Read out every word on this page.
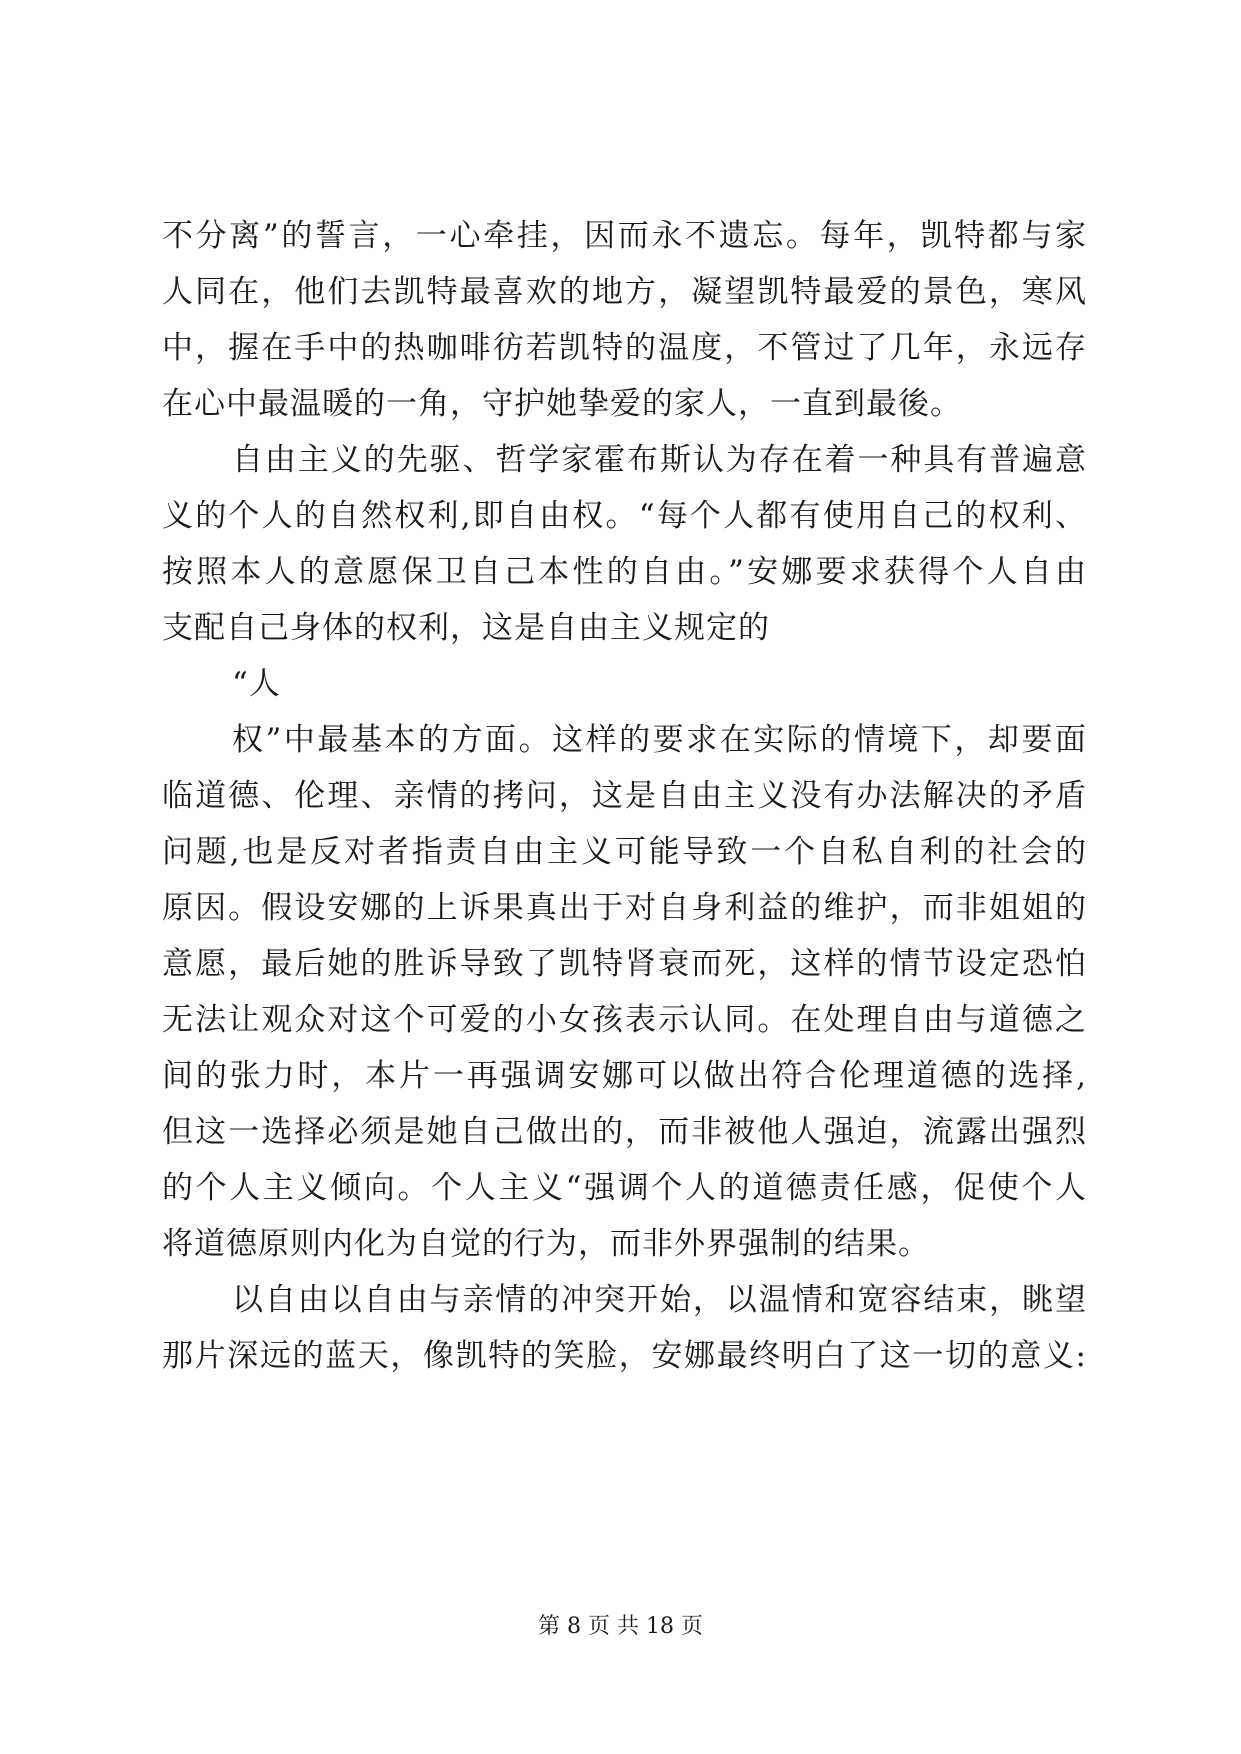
不分离”的誓言，一心牵挂，因而永不遗忘。每年，凯特都与家
人同在，他们去凯特最喜欢的地方，凝望凯特最爱的景色，寒风
中，握在手中的热咖啡彷若凯特的温度，不管过了几年，永远存
在心中最温暖的一角，守护她挚爱的家人，一直到最後。
自由主义的先驱、哲学家霍布斯认为存在着一种具有普遍意
义的个人的自然权利,即自由权。“每个人都有使用自己的权利、
按照本人的意愿保卫自己本性的自由。”安娜要求获得个人自由
支配自己身体的权利，这是自由主义规定的
“人
权”中最基本的方面。这样的要求在实际的情境下，却要面
临道德、伦理、亲情的拷问，这是自由主义没有办法解决的矛盾
问题,也是反对者指责自由主义可能导致一个自私自利的社会的
原因。假设安娜的上诉果真出于对自身利益的维护，而非姐姐的
意愿，最后她的胜诉导致了凯特肾衰而死，这样的情节设定恐怕
无法让观众对这个可爱的小女孩表示认同。在处理自由与道德之
间的张力时，本片一再强调安娜可以做出符合伦理道德的选择,
但这一选择必须是她自己做出的，而非被他人强迫，流露出强烈
的个人主义倾向。个人主义“强调个人的道德责任感，促使个人
将道德原则内化为自觉的行为，而非外界强制的结果。
以自由以自由与亲情的冲突开始，以温情和宽容结束，眺望
那片深远的蓝天，像凯特的笑脸，安娜最终明白了这一切的意义:
第 8 页 共 18 页
